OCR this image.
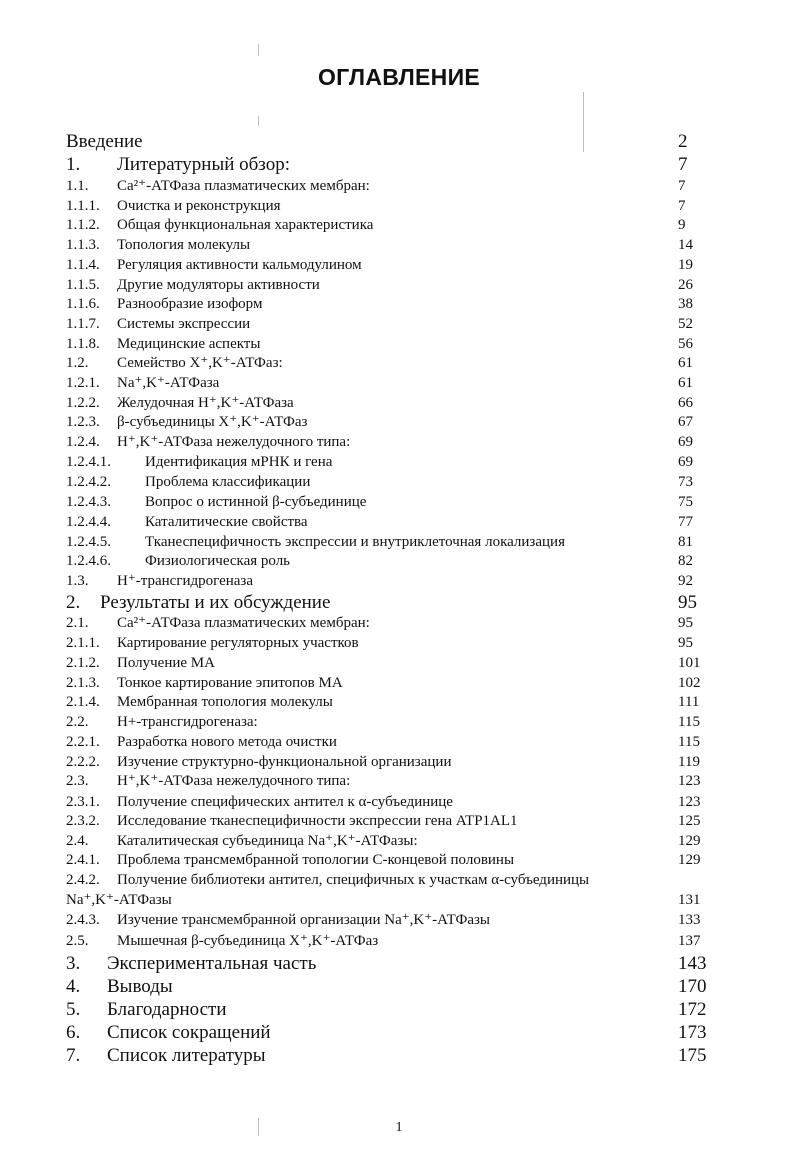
ОГЛАВЛЕНИЕ
Введение	2
1. Литературный обзор:	7
1.1. Ca²⁺-АТФаза плазматических мембран:	7
1.1.1. Очистка и реконструкция	7
1.1.2. Общая функциональная характеристика	9
1.1.3. Топология молекулы	14
1.1.4. Регуляция активности кальмодулином	19
1.1.5. Другие модуляторы активности	26
1.1.6. Разнообразие изоформ	38
1.1.7. Системы экспрессии	52
1.1.8. Медицинские аспекты	56
1.2. Семейство X⁺,K⁺-АТФаз:	61
1.2.1. Na⁺,K⁺-АТФаза	61
1.2.2. Желудочная H⁺,K⁺-АТФаза	66
1.2.3. β-субъединицы X⁺,K⁺-АТФаз	67
1.2.4. H⁺,K⁺-АТФаза нежелудочного типа:	69
1.2.4.1. Идентификация мРНК и гена	69
1.2.4.2. Проблема классификации	73
1.2.4.3. Вопрос о истинной β-субъединице	75
1.2.4.4. Каталитические свойства	77
1.2.4.5. Тканеспецифичность экспрессии и внутриклеточная локализация	81
1.2.4.6. Физиологическая роль	82
1.3. H⁺-трансгидрогеназа	92
2. Результаты и их обсуждение	95
2.1. Ca²⁺-АТФаза плазматических мембран:	95
2.1.1. Картирование регуляторных участков	95
2.1.2. Получение МА	101
2.1.3. Тонкое картирование эпитопов МА	102
2.1.4. Мембранная топология молекулы	111
2.2. H+-трансгидрогеназа:	115
2.2.1. Разработка нового метода очистки	115
2.2.2. Изучение структурно-функциональной организации	119
2.3. H⁺,K⁺-АТФаза нежелудочного типа:	123
2.3.1. Получение специфических антител к α-субъединице	123
2.3.2. Исследование тканеспецифичности экспрессии гена ATP1AL1	125
2.4. Каталитическая субъединица Na⁺,K⁺-АТФазы:	129
2.4.1. Проблема трансмембранной топологии С-концевой половины	129
2.4.2. Получение библиотеки антител, специфичных к участкам α-субъединицы
Na⁺,K⁺-АТФазы	131
2.4.3. Изучение трансмембранной организации Na⁺,K⁺-АТФазы	133
2.5. Мышечная β-субъединица X⁺,K⁺-АТФаз	137
3. Экспериментальная часть	143
4. Выводы	170
5. Благодарности	172
6. Список сокращений	173
7. Список литературы	175
1
